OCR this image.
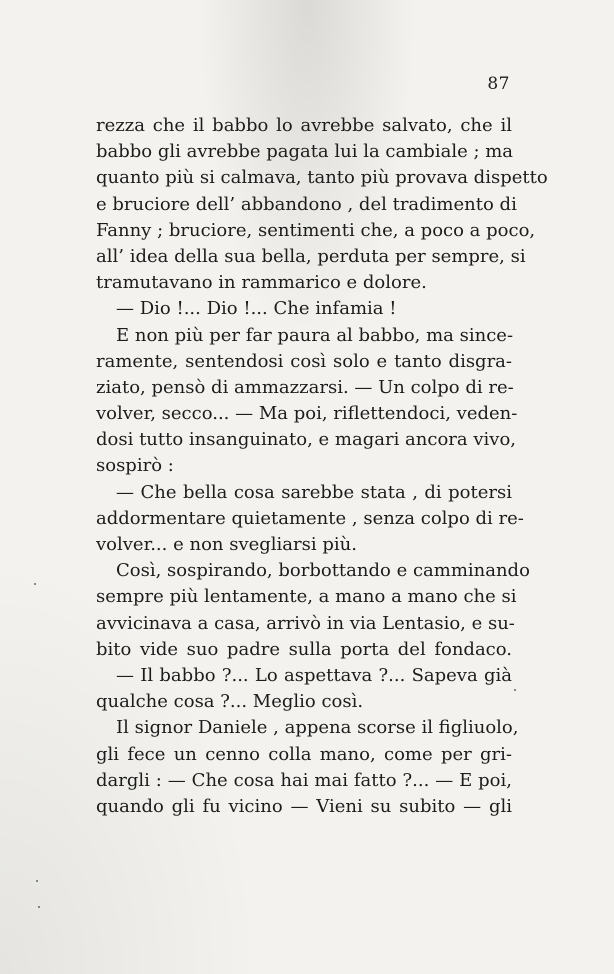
87
rezza che il babbo lo avrebbe salvato, che il
babbo gli avrebbe pagata lui la cambiale ; ma
quanto più si calmava, tanto più provava dispetto
e bruciore dell’ abbandono , del tradimento di
Fanny ; bruciore, sentimenti che, a poco a poco,
all’ idea della sua bella, perduta per sempre, si
tramutavano in rammarico e dolore.
— Dio !... Dio !... Che infamia !
E non più per far paura al babbo, ma since-
ramente, sentendosi così solo e tanto disgra-
ziato, pensò di ammazzarsi. — Un colpo di re-
volver, secco... — Ma poi, riflettendoci, veden-
dosi tutto insanguinato, e magari ancora vivo,
sospirò :
— Che bella cosa sarebbe stata , di potersi
addormentare quietamente , senza colpo di re-
volver... e non svegliarsi più.
Così, sospirando, borbottando e camminando
sempre più lentamente, a mano a mano che si
avvicinava a casa, arrivò in via Lentasio, e su-
bito vide suo padre sulla porta del fondaco.
— Il babbo ?... Lo aspettava ?... Sapeva già
qualche cosa ?... Meglio così.
Il signor Daniele , appena scorse il figliuolo,
gli fece un cenno colla mano, come per gri-
dargli : — Che cosa hai mai fatto ?... — E poi,
quando gli fu vicino — Vieni su subito — gli
